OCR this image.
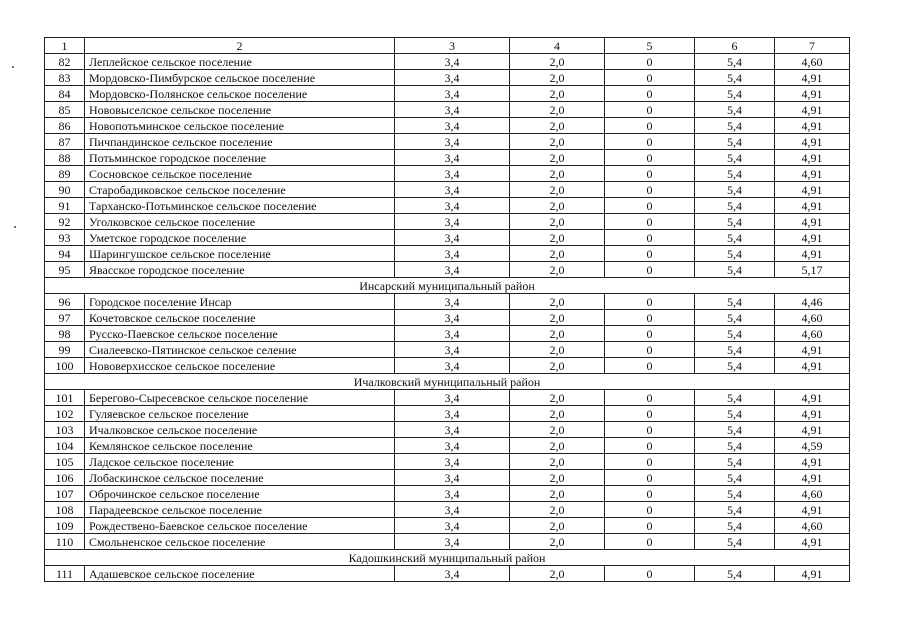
1	2	3	4	5	6	7
82	Леплейское сельское поселение	3,4	2,0	0	5,4	4,60
83	Мордовско-Пимбурское сельское поселение	3,4	2,0	0	5,4	4,91
84	Мордовско-Полянское сельское поселение	3,4	2,0	0	5,4	4,91
85	Нововыселское сельское поселение	3,4	2,0	0	5,4	4,91
86	Новопотьминское сельское поселение	3,4	2,0	0	5,4	4,91
87	Пичпандинское сельское поселение	3,4	2,0	0	5,4	4,91
88	Потьминское городское поселение	3,4	2,0	0	5,4	4,91
89	Сосновское сельское поселение	3,4	2,0	0	5,4	4,91
90	Старобадиковское сельское поселение	3,4	2,0	0	5,4	4,91
91	Тарханско-Потьминское сельское поселение	3,4	2,0	0	5,4	4,91
92	Уголковское сельское поселение	3,4	2,0	0	5,4	4,91
93	Уметское городское поселение	3,4	2,0	0	5,4	4,91
94	Шарингушское сельское поселение	3,4	2,0	0	5,4	4,91
95	Явасское городское поселение	3,4	2,0	0	5,4	5,17
Инсарский муниципальный район						
96	Городское поселение Инсар	3,4	2,0	0	5,4	4,46
97	Кочетовское сельское поселение	3,4	2,0	0	5,4	4,60
98	Русско-Паевское сельское поселение	3,4	2,0	0	5,4	4,60
99	Сиалеевско-Пятинское сельское селение	3,4	2,0	0	5,4	4,91
100	Нововерхисское сельское поселение	3,4	2,0	0	5,4	4,91
Ичалковский муниципальный район						
101	Берегово-Сыресевское сельское поселение	3,4	2,0	0	5,4	4,91
102	Гуляевское сельское поселение	3,4	2,0	0	5,4	4,91
103	Ичалковское сельское поселение	3,4	2,0	0	5,4	4,91
104	Кемлянское сельское поселение	3,4	2,0	0	5,4	4,59
105	Ладское сельское поселение	3,4	2,0	0	5,4	4,91
106	Лобаскинское сельское поселение	3,4	2,0	0	5,4	4,91
107	Оброчинское сельское поселение	3,4	2,0	0	5,4	4,60
108	Парадеевское сельское поселение	3,4	2,0	0	5,4	4,91
109	Рождествено-Баевское сельское поселение	3,4	2,0	0	5,4	4,60
110	Смольненское сельское поселение	3,4	2,0	0	5,4	4,91
Кадошкинский муниципальный район						
111	Адашевское сельское поселение	3,4	2,0	0	5,4	4,91
